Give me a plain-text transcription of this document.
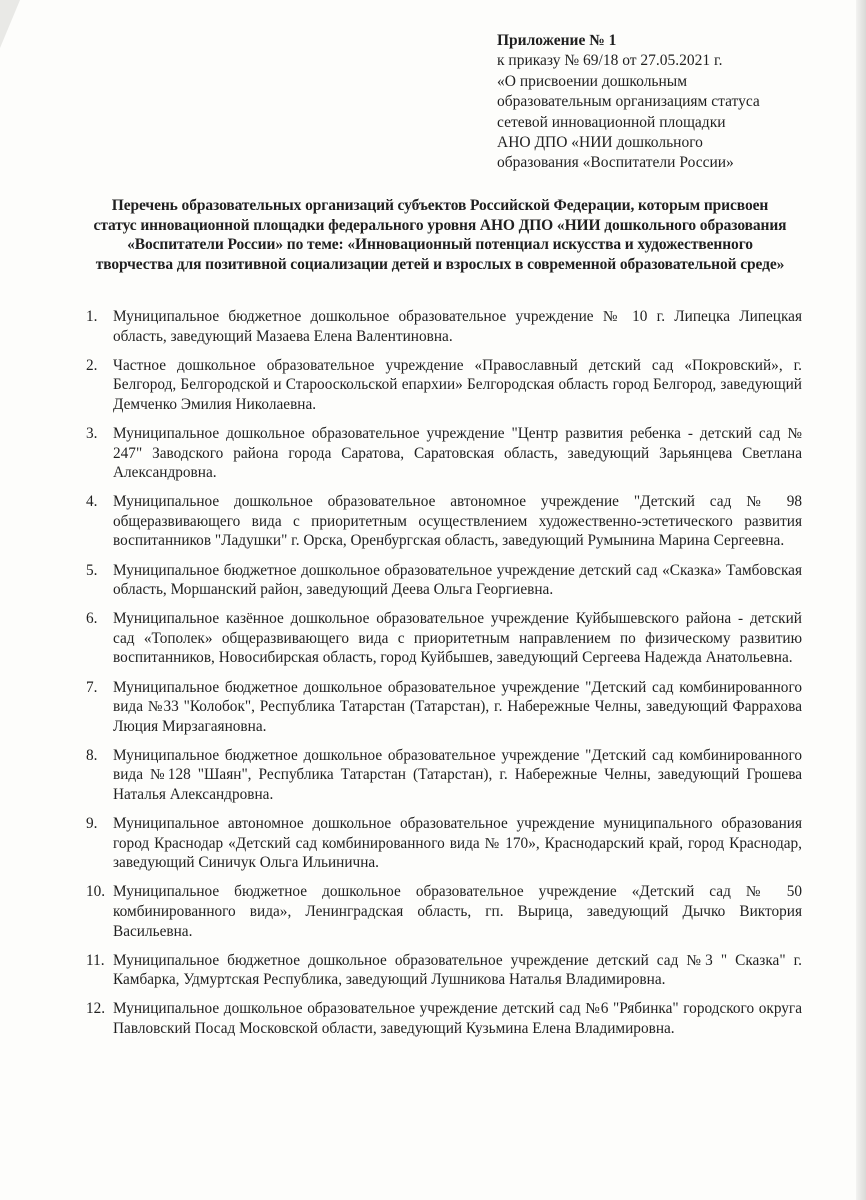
Приложение № 1
к приказу № 69/18 от 27.05.2021 г.
«О присвоении дошкольным
образовательным организациям статуса
сетевой инновационной площадки
АНО ДПО «НИИ дошкольного
образования «Воспитатели России»
Перечень образовательных организаций субъектов Российской Федерации, которым присвоен статус инновационной площадки федерального уровня АНО ДПО «НИИ дошкольного образования «Воспитатели России» по теме: «Инновационный потенциал искусства и художественного творчества для позитивной социализации детей и взрослых в современной образовательной среде»
1.	Муниципальное бюджетное дошкольное образовательное учреждение № 10 г. Липецка Липецкая область, заведующий Мазаева Елена Валентиновна.
2.	Частное дошкольное образовательное учреждение «Православный детский сад «Покровский», г. Белгород, Белгородской и Старооскольской епархии» Белгородская область город Белгород, заведующий Демченко Эмилия Николаевна.
3.	Муниципальное дошкольное образовательное учреждение "Центр развития ребенка - детский сад № 247" Заводского района города Саратова, Саратовская область, заведующий Зарьянцева Светлана Александровна.
4.	Муниципальное дошкольное образовательное автономное учреждение "Детский сад № 98 общеразвивающего вида с приоритетным осуществлением художественно-эстетического развития воспитанников "Ладушки" г. Орска, Оренбургская область, заведующий Румынина Марина Сергеевна.
5.	Муниципальное бюджетное дошкольное образовательное учреждение детский сад «Сказка» Тамбовская область, Моршанский район, заведующий Деева Ольга Георгиевна.
6.	Муниципальное казённое дошкольное образовательное учреждение Куйбышевского района - детский сад «Тополек» общеразвивающего вида с приоритетным направлением по физическому развитию воспитанников, Новосибирская область, город Куйбышев, заведующий Сергеева Надежда Анатольевна.
7.	Муниципальное бюджетное дошкольное образовательное учреждение "Детский сад комбинированного вида №33 "Колобок", Республика Татарстан (Татарстан), г. Набережные Челны, заведующий Фаррахова Люция Мирзагаяновна.
8.	Муниципальное бюджетное дошкольное образовательное учреждение "Детский сад комбинированного вида №128 "Шаян", Республика Татарстан (Татарстан), г. Набережные Челны, заведующий Грошева Наталья Александровна.
9.	Муниципальное автономное дошкольное образовательное учреждение муниципального образования город Краснодар «Детский сад комбинированного вида № 170», Краснодарский край, город Краснодар, заведующий Синичук Ольга Ильинична.
10. Муниципальное бюджетное дошкольное образовательное учреждение «Детский сад № 50 комбинированного вида», Ленинградская область, гп. Вырица, заведующий Дычко Виктория Васильевна.
11. Муниципальное бюджетное дошкольное образовательное учреждение детский сад №3 " Сказка" г. Камбарка, Удмуртская Республика, заведующий Лушникова Наталья Владимировна.
12. Муниципальное дошкольное образовательное учреждение детский сад №6 "Рябинка" городского округа Павловский Посад Московской области, заведующий Кузьмина Елена Владимировна.
